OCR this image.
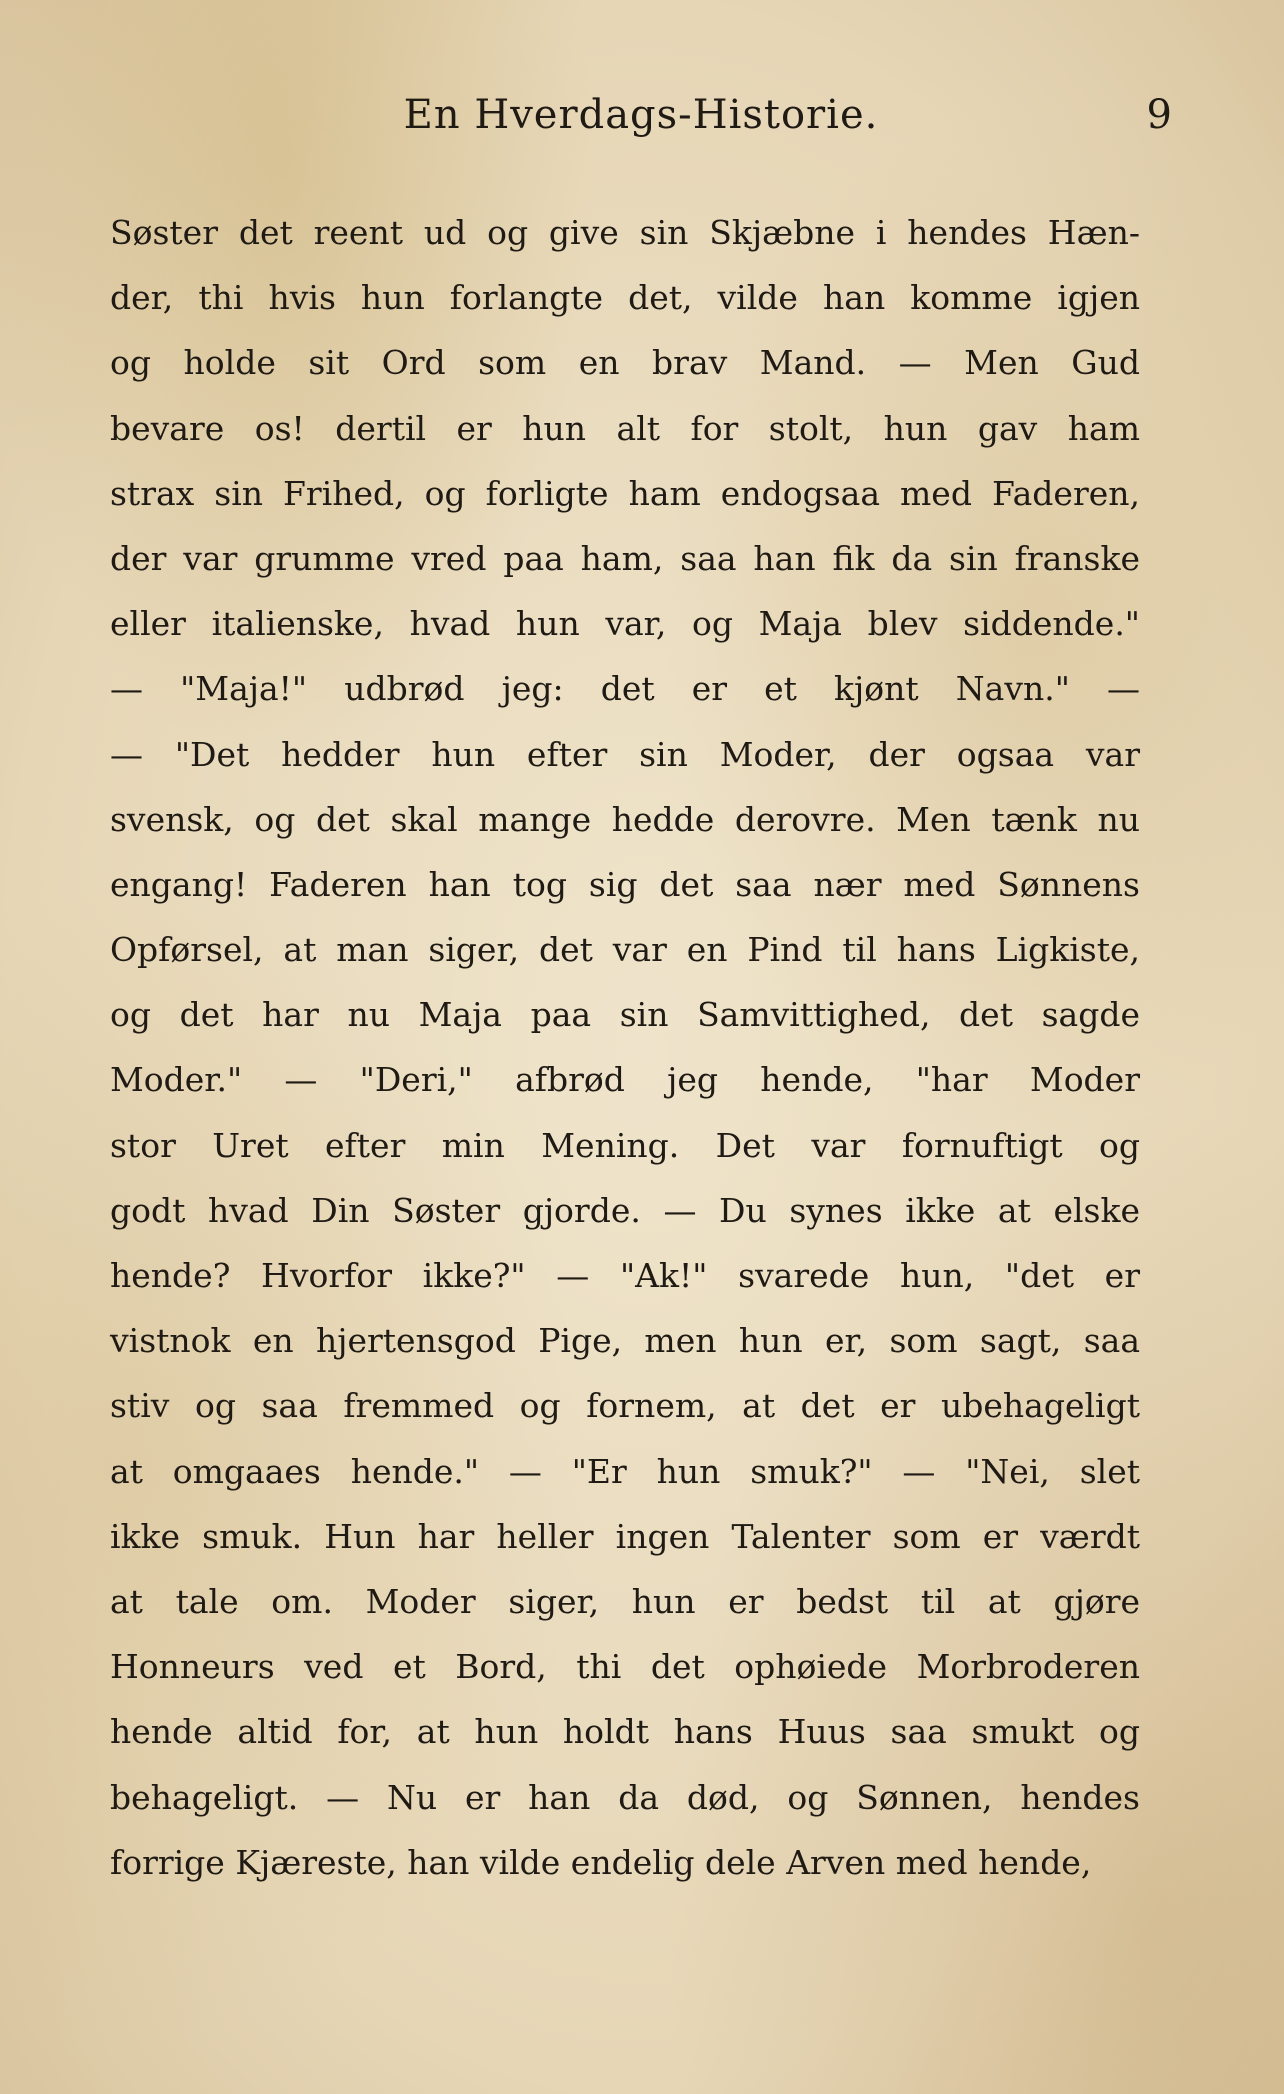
En Hverdags-Historie.	9
Søster det reent ud og give sin Skjæbne i hendes Hæn-
der, thi hvis hun forlangte det, vilde han komme igjen
og holde sit Ord som en brav Mand. — Men Gud
bevare os! dertil er hun alt for stolt, hun gav ham
strax sin Frihed, og forligte ham endogsaa med Faderen,
der var grumme vred paa ham, saa han fik da sin franske
eller italienske, hvad hun var, og Maja blev siddende."
— "Maja!" udbrød jeg: det er et kjønt Navn." —
— "Det hedder hun efter sin Moder, der ogsaa var
svensk, og det skal mange hedde derovre. Men tænk nu
engang! Faderen han tog sig det saa nær med Sønnens
Opførsel, at man siger, det var en Pind til hans Ligkiste,
og det har nu Maja paa sin Samvittighed, det sagde
Moder." — "Deri," afbrød jeg hende, "har Moder
stor Uret efter min Mening. Det var fornuftigt og
godt hvad Din Søster gjorde. — Du synes ikke at elske
hende? Hvorfor ikke?" — "Ak!" svarede hun, "det er
vistnok en hjertensgod Pige, men hun er, som sagt, saa
stiv og saa fremmed og fornem, at det er ubehageligt
at omgaaes hende." — "Er hun smuk?" — "Nei, slet
ikke smuk. Hun har heller ingen Talenter som er værdt
at tale om. Moder siger, hun er bedst til at gjøre
Honneurs ved et Bord, thi det ophøiede Morbroderen
hende altid for, at hun holdt hans Huus saa smukt og
behageligt. — Nu er han da død, og Sønnen, hendes
forrige Kjæreste, han vilde endelig dele Arven med hende,
